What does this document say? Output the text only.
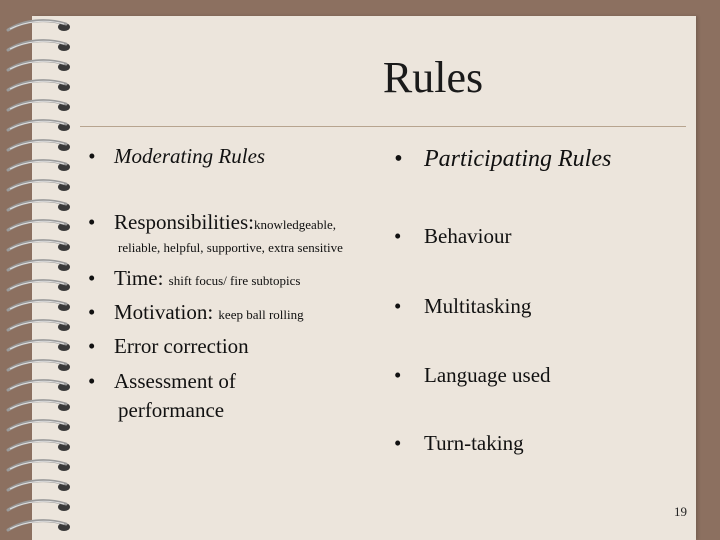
Rules
• Moderating Rules
• Responsibilities:knowledgeable,
reliable, helpful, supportive, extra sensitive
• Time: shift focus/ fire subtopics
• Motivation: keep ball rolling
• Error correction
• Assessment of
performance
• Participating Rules
• Behaviour
• Multitasking
• Language used
• Turn-taking
19
